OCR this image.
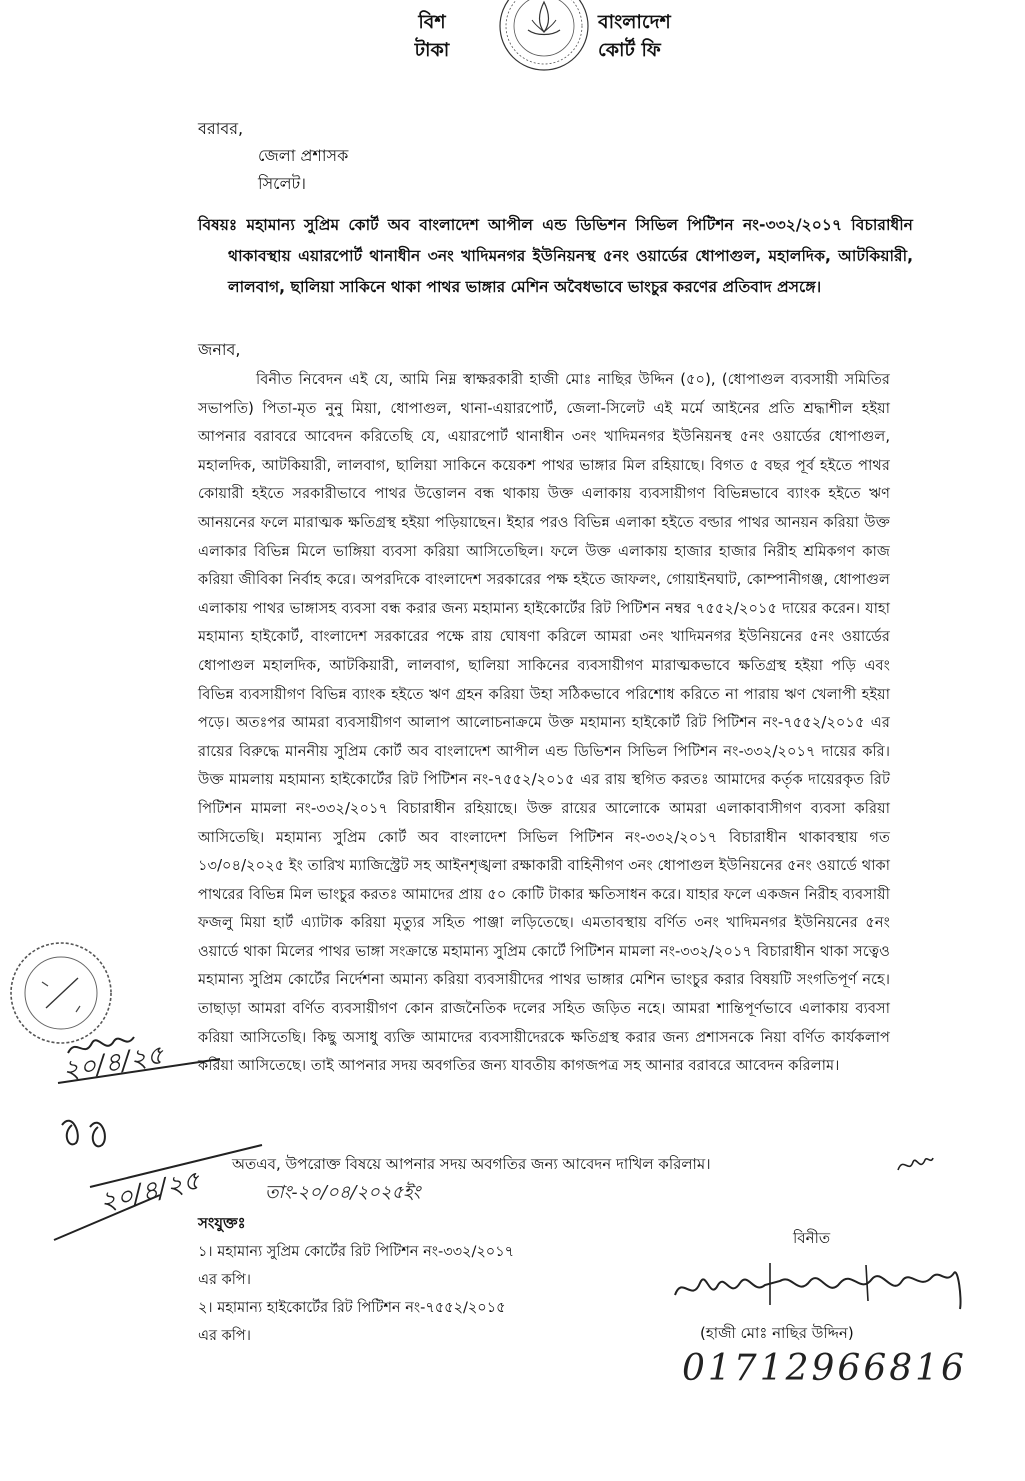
বিশ
টাকা
বাংলাদেশ
কোর্ট ফি
বরাবর,
জেলা প্রশাসক
সিলেট।
বিষয়ঃ মহামান্য সুপ্রিম কোর্ট অব বাংলাদেশ আপীল এন্ড ডিভিশন সিভিল পিটিশন নং-৩৩২/২০১৭ বিচারাধীন থাকাবস্থায় এয়ারপোর্ট থানাধীন ৩নং খাদিমনগর ইউনিয়নস্থ ৫নং ওয়ার্ডের ধোপাগুল, মহালদিক, আটকিয়ারী, লালবাগ, ছালিয়া সাকিনে থাকা পাথর ভাঙ্গার মেশিন অবৈধভাবে ভাংচুর করণের প্রতিবাদ প্রসঙ্গে।
জনাব,

বিনীত নিবেদন এই যে, আমি নিম্ন স্বাক্ষরকারী হাজী মোঃ নাছির উদ্দিন (৫০), (ধোপাগুল ব্যবসায়ী সমিতির সভাপতি) পিতা-মৃত নুনু মিয়া, ধোপাগুল, থানা-এয়ারপোর্ট, জেলা-সিলেট এই মর্মে আইনের প্রতি শ্রদ্ধাশীল হইয়া আপনার বরাবরে আবেদন করিতেছি যে, এয়ারপোর্ট থানাধীন ৩নং খাদিমনগর ইউনিয়নস্থ ৫নং ওয়ার্ডের ধোপাগুল, মহালদিক, আটকিয়ারী, লালবাগ, ছালিয়া সাকিনে কয়েকশ পাথর ভাঙ্গার মিল রহিয়াছে। বিগত ৫ বছর পূর্ব হইতে পাথর কোয়ারী হইতে সরকারীভাবে পাথর উত্তোলন বন্ধ থাকায় উক্ত এলাকায় ব্যবসায়ীগণ বিভিন্নভাবে ব্যাংক হইতে ঋণ আনয়নের ফলে মারাত্মক ক্ষতিগ্রস্থ হইয়া পড়িয়াছেন। ইহার পরও বিভিন্ন এলাকা হইতে বল্ডার পাথর আনয়ন করিয়া উক্ত এলাকার বিভিন্ন মিলে ভাঙ্গিয়া ব্যবসা করিয়া আসিতেছিল। ফলে উক্ত এলাকায় হাজার হাজার নিরীহ শ্রমিকগণ কাজ করিয়া জীবিকা নির্বাহ করে। অপরদিকে বাংলাদেশ সরকারের পক্ষ হইতে জাফলং, গোয়াইনঘাট, কোম্পানীগঞ্জ, ধোপাগুল এলাকায় পাথর ভাঙ্গাসহ ব্যবসা বন্ধ করার জন্য মহামান্য হাইকোর্টের রিট পিটিশন নম্বর ৭৫৫২/২০১৫ দায়ের করেন। যাহা মহামান্য হাইকোর্ট, বাংলাদেশ সরকারের পক্ষে রায় ঘোষণা করিলে আমরা ৩নং খাদিমনগর ইউনিয়নের ৫নং ওয়ার্ডের ধোপাগুল মহালদিক, আটকিয়ারী, লালবাগ, ছালিয়া সাকিনের ব্যবসায়ীগণ মারাত্মকভাবে ক্ষতিগ্রস্থ হইয়া পড়ি এবং বিভিন্ন ব্যবসায়ীগণ বিভিন্ন ব্যাংক হইতে ঋণ গ্রহন করিয়া উহা সঠিকভাবে পরিশোধ করিতে না পারায় ঋণ খেলাপী হইয়া পড়ে। অতঃপর আমরা ব্যবসায়ীগণ আলাপ আলোচনাক্রমে উক্ত মহামান্য হাইকোর্ট রিট পিটিশন নং-৭৫৫২/২০১৫ এর রায়ের বিরুদ্ধে মাননীয় সুপ্রিম কোর্ট অব বাংলাদেশ আপীল এন্ড ডিভিশন সিভিল পিটিশন নং-৩৩২/২০১৭ দায়ের করি। উক্ত মামলায় মহামান্য হাইকোর্টের রিট পিটিশন নং-৭৫৫২/২০১৫ এর রায় স্থগিত করতঃ আমাদের কর্তৃক দায়েরকৃত রিট পিটিশন মামলা নং-৩৩২/২০১৭ বিচারাধীন রহিয়াছে। উক্ত রায়ের আলোকে আমরা এলাকাবাসীগণ ব্যবসা করিয়া আসিতেছি। মহামান্য সুপ্রিম কোর্ট অব বাংলাদেশ সিভিল পিটিশন নং-৩৩২/২০১৭ বিচারাধীন থাকাবস্থায় গত ১৩/০৪/২০২৫ ইং তারিখ ম্যাজিস্ট্রেট সহ আইনশৃঙ্খলা রক্ষাকারী বাহিনীগণ ৩নং ধোপাগুল ইউনিয়নের ৫নং ওয়ার্ডে থাকা পাথরের বিভিন্ন মিল ভাংচুর করতঃ আমাদের প্রায় ৫০ কোটি টাকার ক্ষতিসাধন করে। যাহার ফলে একজন নিরীহ ব্যবসায়ী ফজলু মিয়া হার্ট এ্যাটাক করিয়া মৃত্যুর সহিত পাঞ্জা লড়িতেছে। এমতাবস্থায় বর্ণিত ৩নং খাদিমনগর ইউনিয়নের ৫নং ওয়ার্ডে থাকা মিলের পাথর ভাঙ্গা সংক্রান্তে মহামান্য সুপ্রিম কোর্টে পিটিশন মামলা নং-৩৩২/২০১৭ বিচারাধীন থাকা সত্বেও মহামান্য সুপ্রিম কোর্টের নির্দেশনা অমান্য করিয়া ব্যবসায়ীদের পাথর ভাঙ্গার মেশিন ভাংচুর করার বিষয়টি সংগতিপূর্ণ নহে। তাছাড়া আমরা বর্ণিত ব্যবসায়ীগণ কোন রাজনৈতিক দলের সহিত জড়িত নহে। আমরা শান্তিপূর্ণভাবে এলাকায় ব্যবসা করিয়া আসিতেছি। কিছু অসাধু ব্যক্তি আমাদের ব্যবসায়ীদেরকে ক্ষতিগ্রস্থ করার জন্য প্রশাসনকে নিয়া বর্ণিত কার্যকলাপ করিয়া আসিতেছে। তাই আপনার সদয় অবগতির জন্য যাবতীয় কাগজপত্র সহ আনার বরাবরে আবেদন করিলাম।

অতএব, উপরোক্ত বিষয়ে আপনার সদয় অবগতির জন্য আবেদন দাখিল করিলাম।
তাং-২০/০৪/২০২৫ইং
সংযুক্তঃ
১। মহামান্য সুপ্রিম কোর্টের রিট পিটিশন নং-৩৩২/২০১৭ এর কপি।
২। মহামান্য হাইকোর্টের রিট পিটিশন নং-৭৫৫২/২০১৫ এর কপি।
বিনীত
(হাজী মোঃ নাছির উদ্দিন)
01712966816
২০/৪/২৫
২০/৪/২৫
